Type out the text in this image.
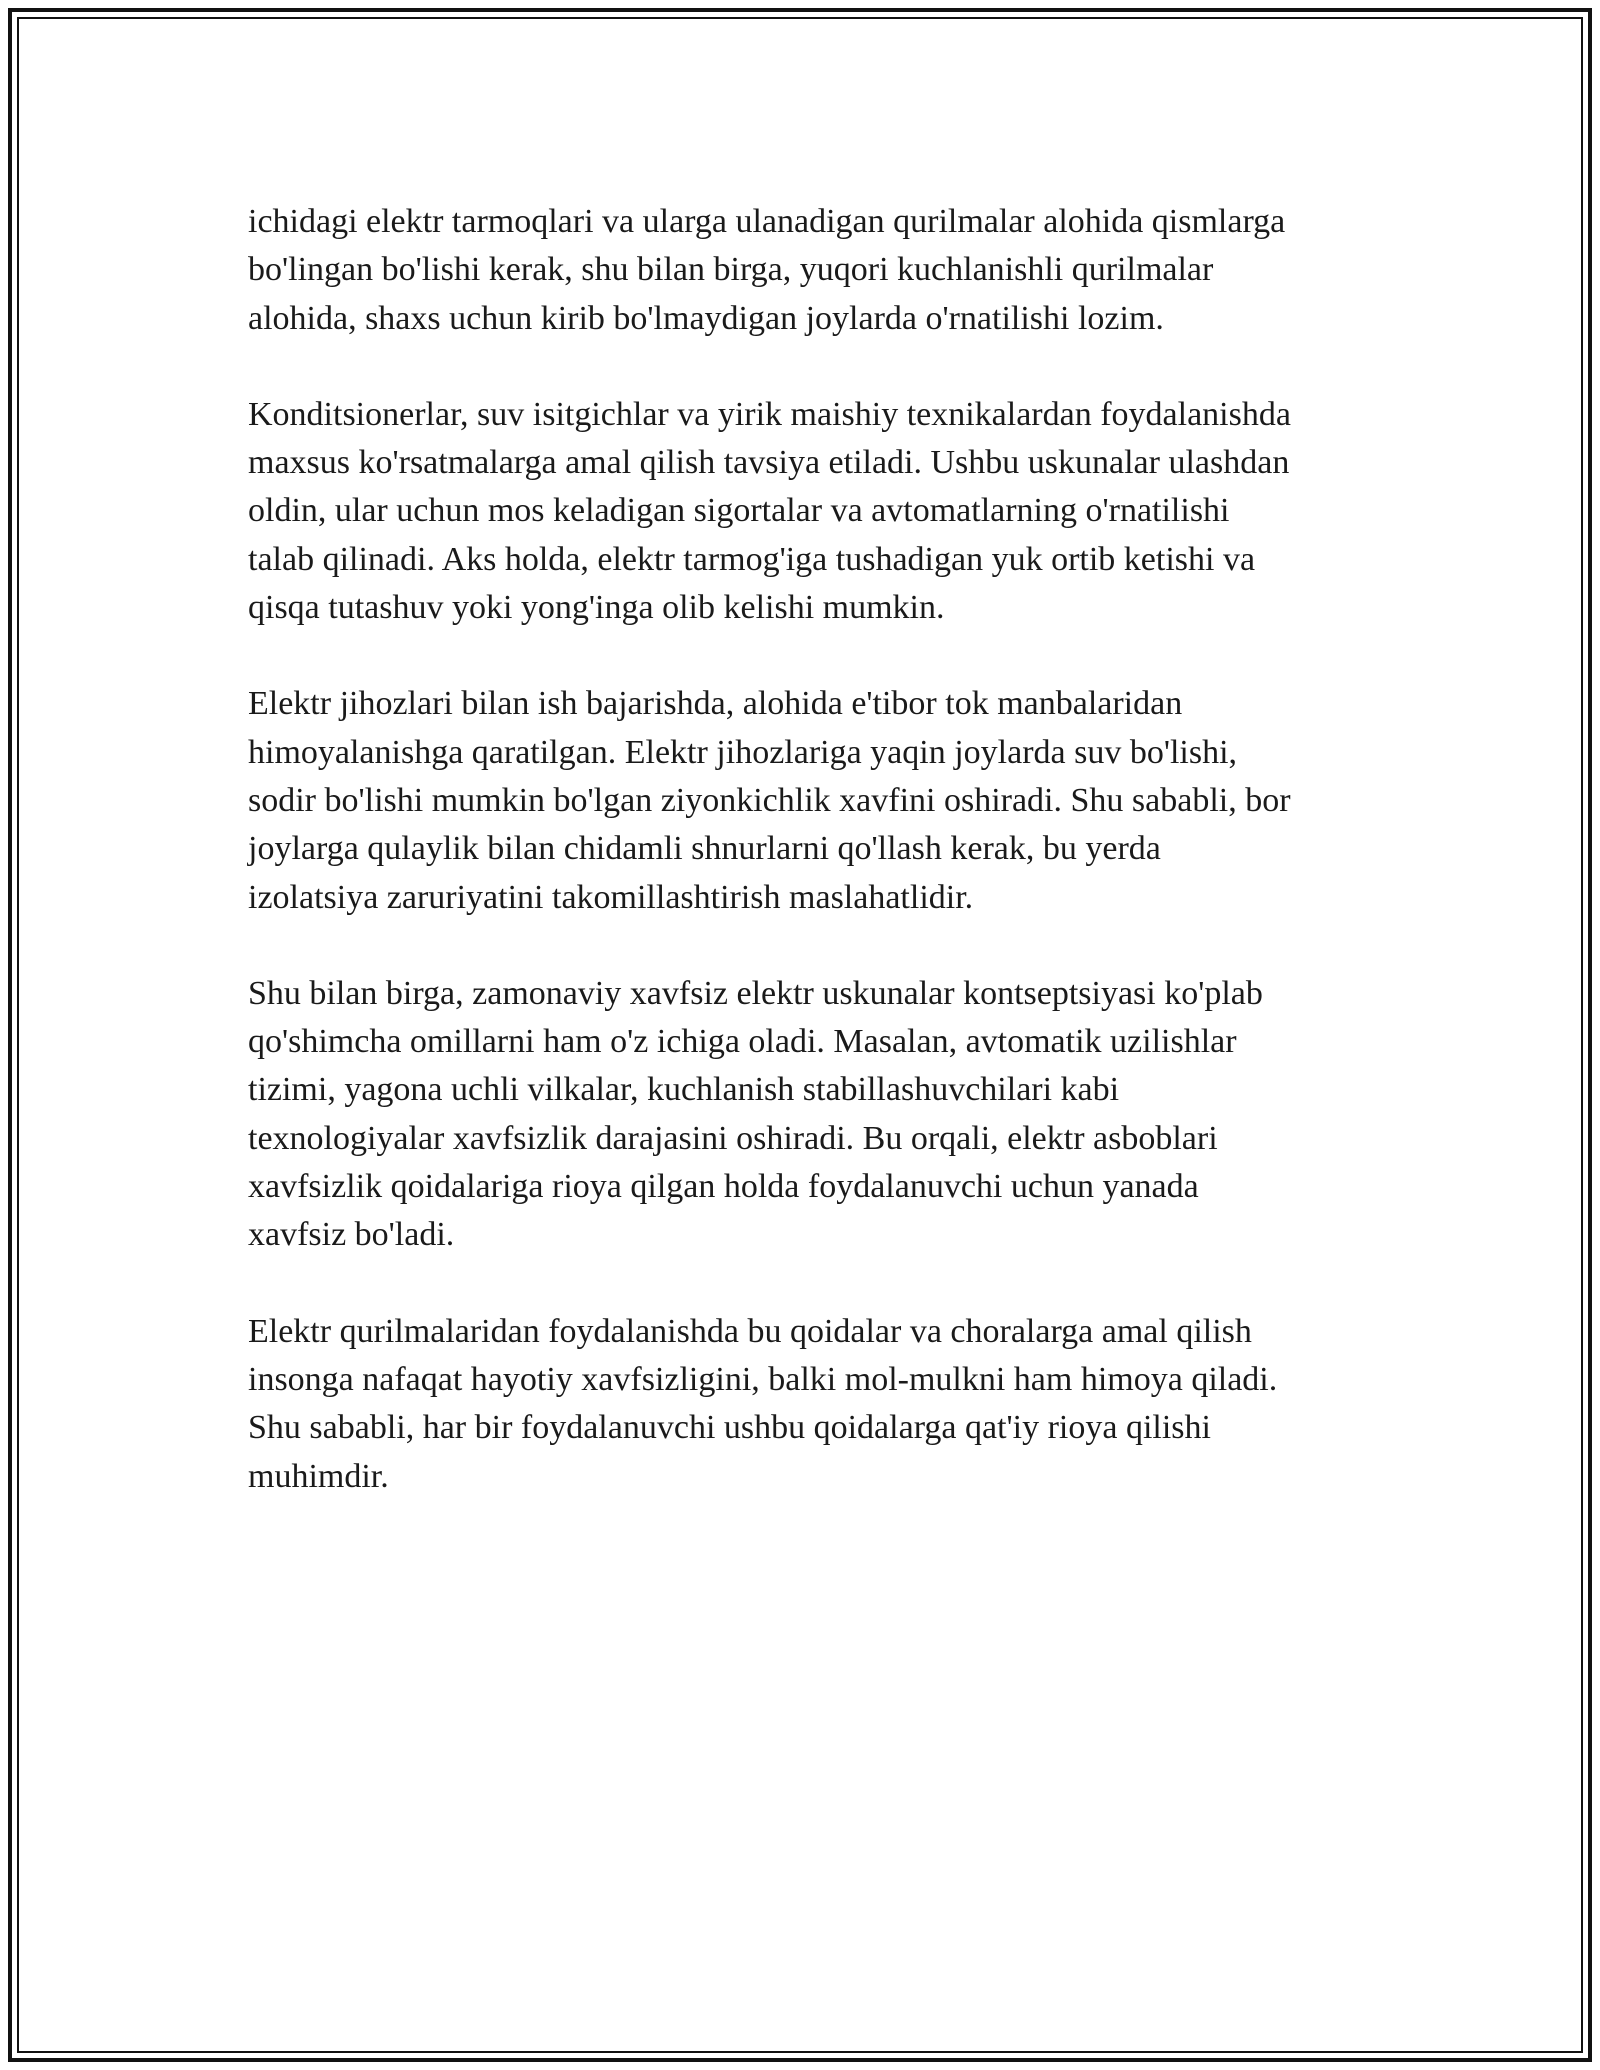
ichidagi elektr tarmoqlari va ularga ulanadigan qurilmalar alohida qismlarga
bo'lingan bo'lishi kerak, shu bilan birga, yuqori kuchlanishli qurilmalar
alohida, shaxs uchun kirib bo'lmaydigan joylarda o'rnatilishi lozim.

Konditsionerlar, suv isitgichlar va yirik maishiy texnikalardan foydalanishda
maxsus ko'rsatmalarga amal qilish tavsiya etiladi. Ushbu uskunalar ulashdan
oldin, ular uchun mos keladigan sigortalar va avtomatlarning o'rnatilishi
talab qilinadi. Aks holda, elektr tarmog'iga tushadigan yuk ortib ketishi va
qisqa tutashuv yoki yong'inga olib kelishi mumkin.

Elektr jihozlari bilan ish bajarishda, alohida e'tibor tok manbalaridan
himoyalanishga qaratilgan. Elektr jihozlariga yaqin joylarda suv bo'lishi,
sodir bo'lishi mumkin bo'lgan ziyonkichlik xavfini oshiradi. Shu sababli, bor
joylarga qulaylik bilan chidamli shnurlarni qo'llash kerak, bu yerda
izolatsiya zaruriyatini takomillashtirish maslahatlidir.

Shu bilan birga, zamonaviy xavfsiz elektr uskunalar kontseptsiyasi ko'plab
qo'shimcha omillarni ham o'z ichiga oladi. Masalan, avtomatik uzilishlar
tizimi, yagona uchli vilkalar, kuchlanish stabillashuvchilari kabi
texnologiyalar xavfsizlik darajasini oshiradi. Bu orqali, elektr asboblari
xavfsizlik qoidalariga rioya qilgan holda foydalanuvchi uchun yanada
xavfsiz bo'ladi.

Elektr qurilmalaridan foydalanishda bu qoidalar va choralarga amal qilish
insonga nafaqat hayotiy xavfsizligini, balki mol-mulkni ham himoya qiladi.
Shu sababli, har bir foydalanuvchi ushbu qoidalarga qat'iy rioya qilishi
muhimdir.
